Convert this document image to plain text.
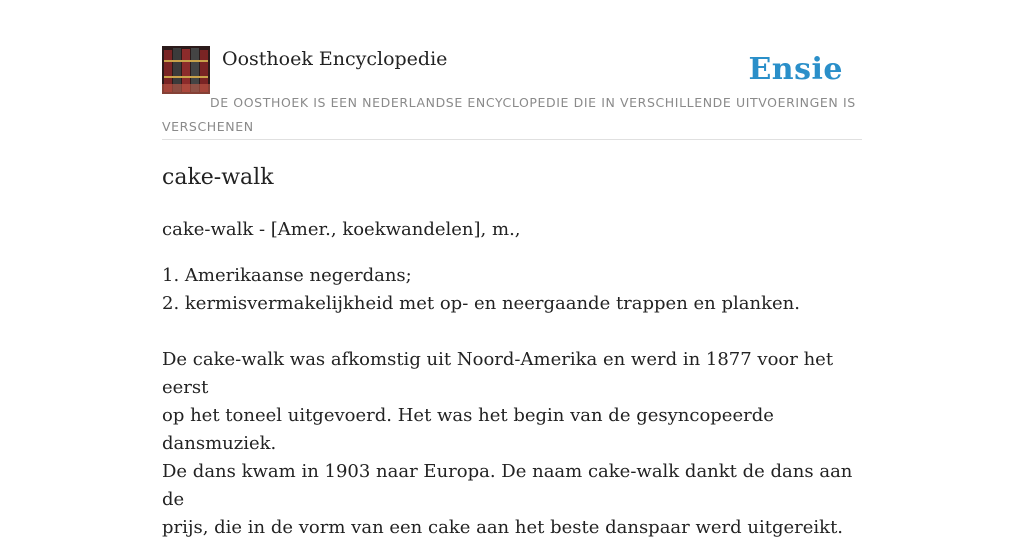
Oosthoek Encyclopedie	Ensie
DE OOSTHOEK IS EEN NEDERLANDSE ENCYCLOPEDIE DIE IN VERSCHILLENDE UITVOERINGEN IS VERSCHENEN
cake-walk
cake-walk - [Amer., koekwandelen], m.,
1. Amerikaanse negerdans;
2. kermisvermakelijkheid met op- en neergaande trappen en planken.
De cake-walk was afkomstig uit Noord-Amerika en werd in 1877 voor het eerst
op het toneel uitgevoerd. Het was het begin van de gesyncopeerde dansmuziek.
De dans kwam in 1903 naar Europa. De naam cake-walk dankt de dans aan de
prijs, die in de vorm van een cake aan het beste danspaar werd uitgereikt.
